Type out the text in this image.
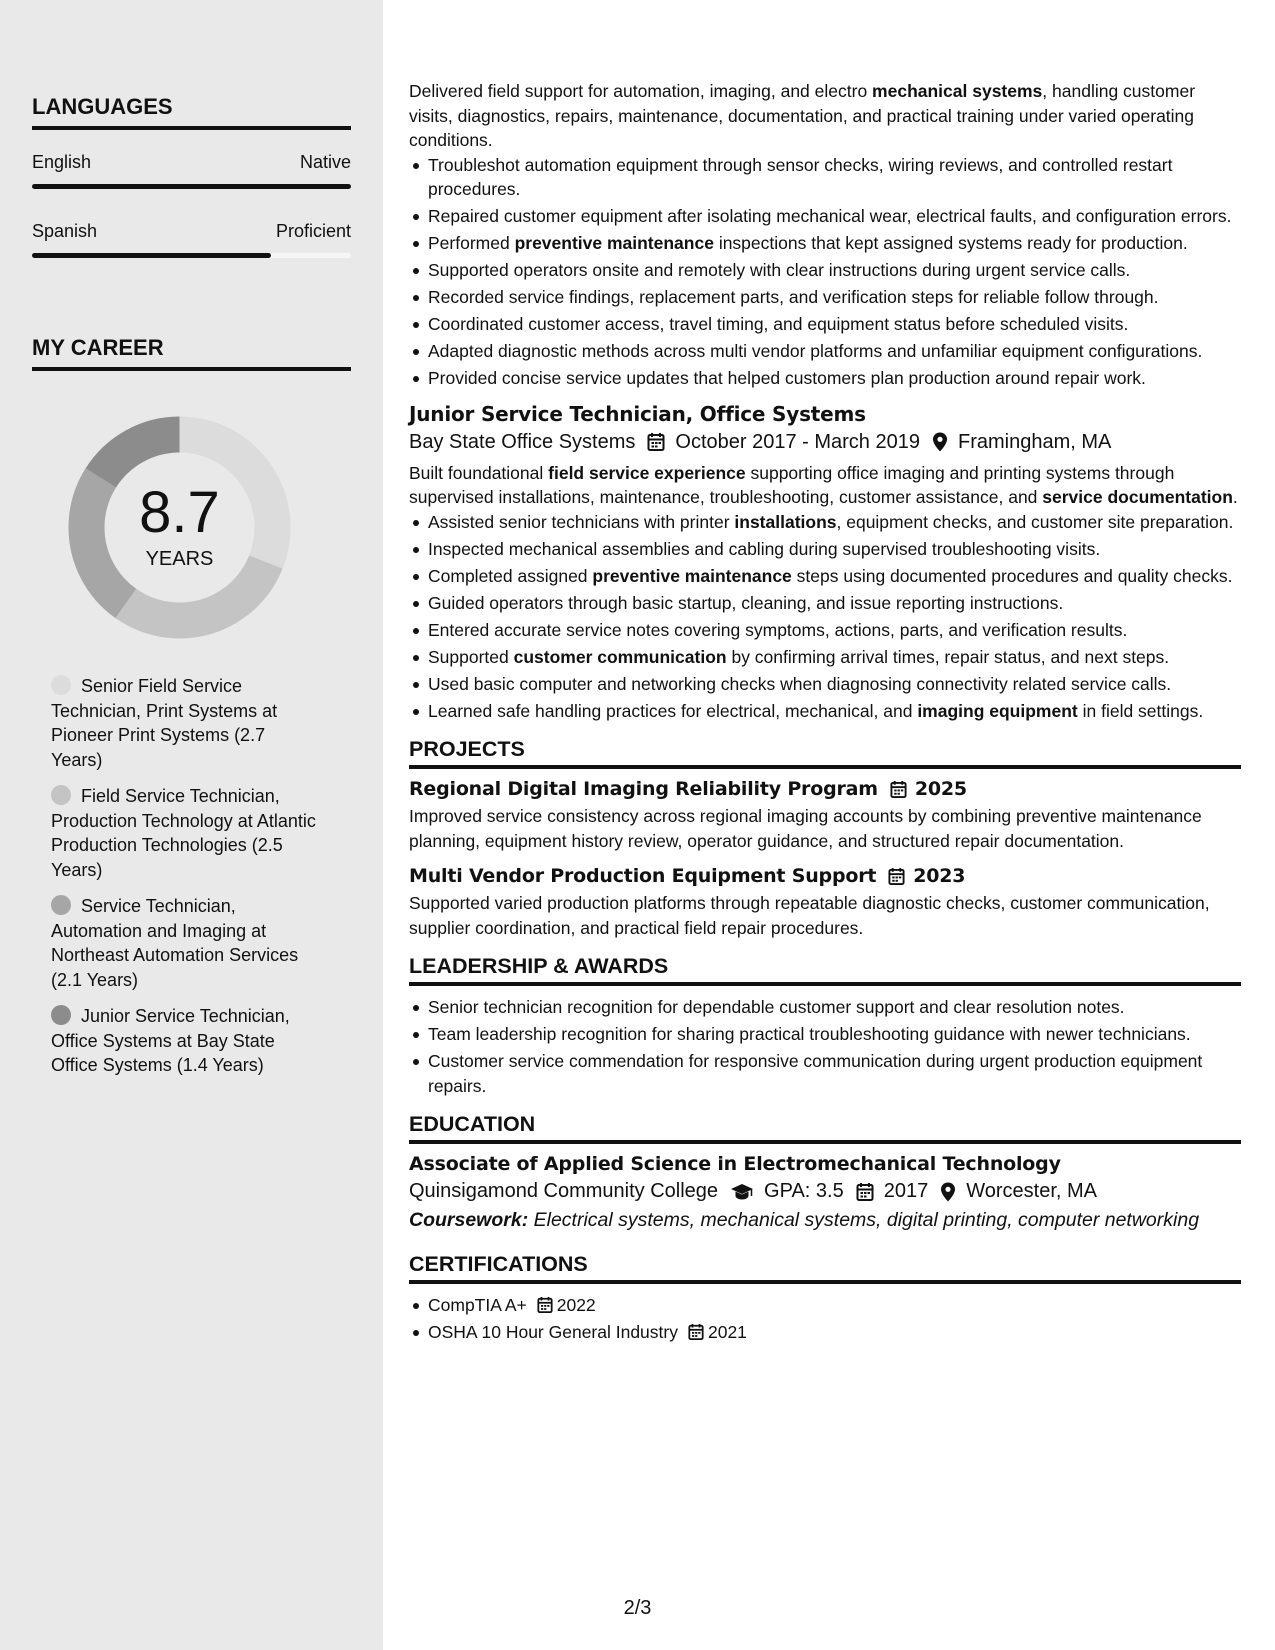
LANGUAGES
English	Native
Spanish	Proficient
MY CAREER
8.7
YEARS
Senior Field Service Technician, Print Systems at Pioneer Print Systems (2.7 Years)
Field Service Technician, Production Technology at Atlantic Production Technologies (2.5 Years)
Service Technician, Automation and Imaging at Northeast Automation Services (2.1 Years)
Junior Service Technician, Office Systems at Bay State Office Systems (1.4 Years)
Delivered field support for automation, imaging, and electro mechanical systems, handling customer visits, diagnostics, repairs, maintenance, documentation, and practical training under varied operating conditions.
Troubleshot automation equipment through sensor checks, wiring reviews, and controlled restart procedures.
Repaired customer equipment after isolating mechanical wear, electrical faults, and configuration errors.
Performed preventive maintenance inspections that kept assigned systems ready for production.
Supported operators onsite and remotely with clear instructions during urgent service calls.
Recorded service findings, replacement parts, and verification steps for reliable follow through.
Coordinated customer access, travel timing, and equipment status before scheduled visits.
Adapted diagnostic methods across multi vendor platforms and unfamiliar equipment configurations.
Provided concise service updates that helped customers plan production around repair work.
Junior Service Technician, Office Systems
Bay State Office Systems October 2017 - March 2019 Framingham, MA
Built foundational field service experience supporting office imaging and printing systems through supervised installations, maintenance, troubleshooting, customer assistance, and service documentation.
Assisted senior technicians with printer installations, equipment checks, and customer site preparation.
Inspected mechanical assemblies and cabling during supervised troubleshooting visits.
Completed assigned preventive maintenance steps using documented procedures and quality checks.
Guided operators through basic startup, cleaning, and issue reporting instructions.
Entered accurate service notes covering symptoms, actions, parts, and verification results.
Supported customer communication by confirming arrival times, repair status, and next steps.
Used basic computer and networking checks when diagnosing connectivity related service calls.
Learned safe handling practices for electrical, mechanical, and imaging equipment in field settings.
PROJECTS
Regional Digital Imaging Reliability Program 2025
Improved service consistency across regional imaging accounts by combining preventive maintenance planning, equipment history review, operator guidance, and structured repair documentation.
Multi Vendor Production Equipment Support 2023
Supported varied production platforms through repeatable diagnostic checks, customer communication, supplier coordination, and practical field repair procedures.
LEADERSHIP & AWARDS
Senior technician recognition for dependable customer support and clear resolution notes.
Team leadership recognition for sharing practical troubleshooting guidance with newer technicians.
Customer service commendation for responsive communication during urgent production equipment repairs.
EDUCATION
Associate of Applied Science in Electromechanical Technology
Quinsigamond Community College GPA: 3.5 2017 Worcester, MA
Coursework: Electrical systems, mechanical systems, digital printing, computer networking
CERTIFICATIONS
CompTIA A+ 2022
OSHA 10 Hour General Industry 2021
2/3
